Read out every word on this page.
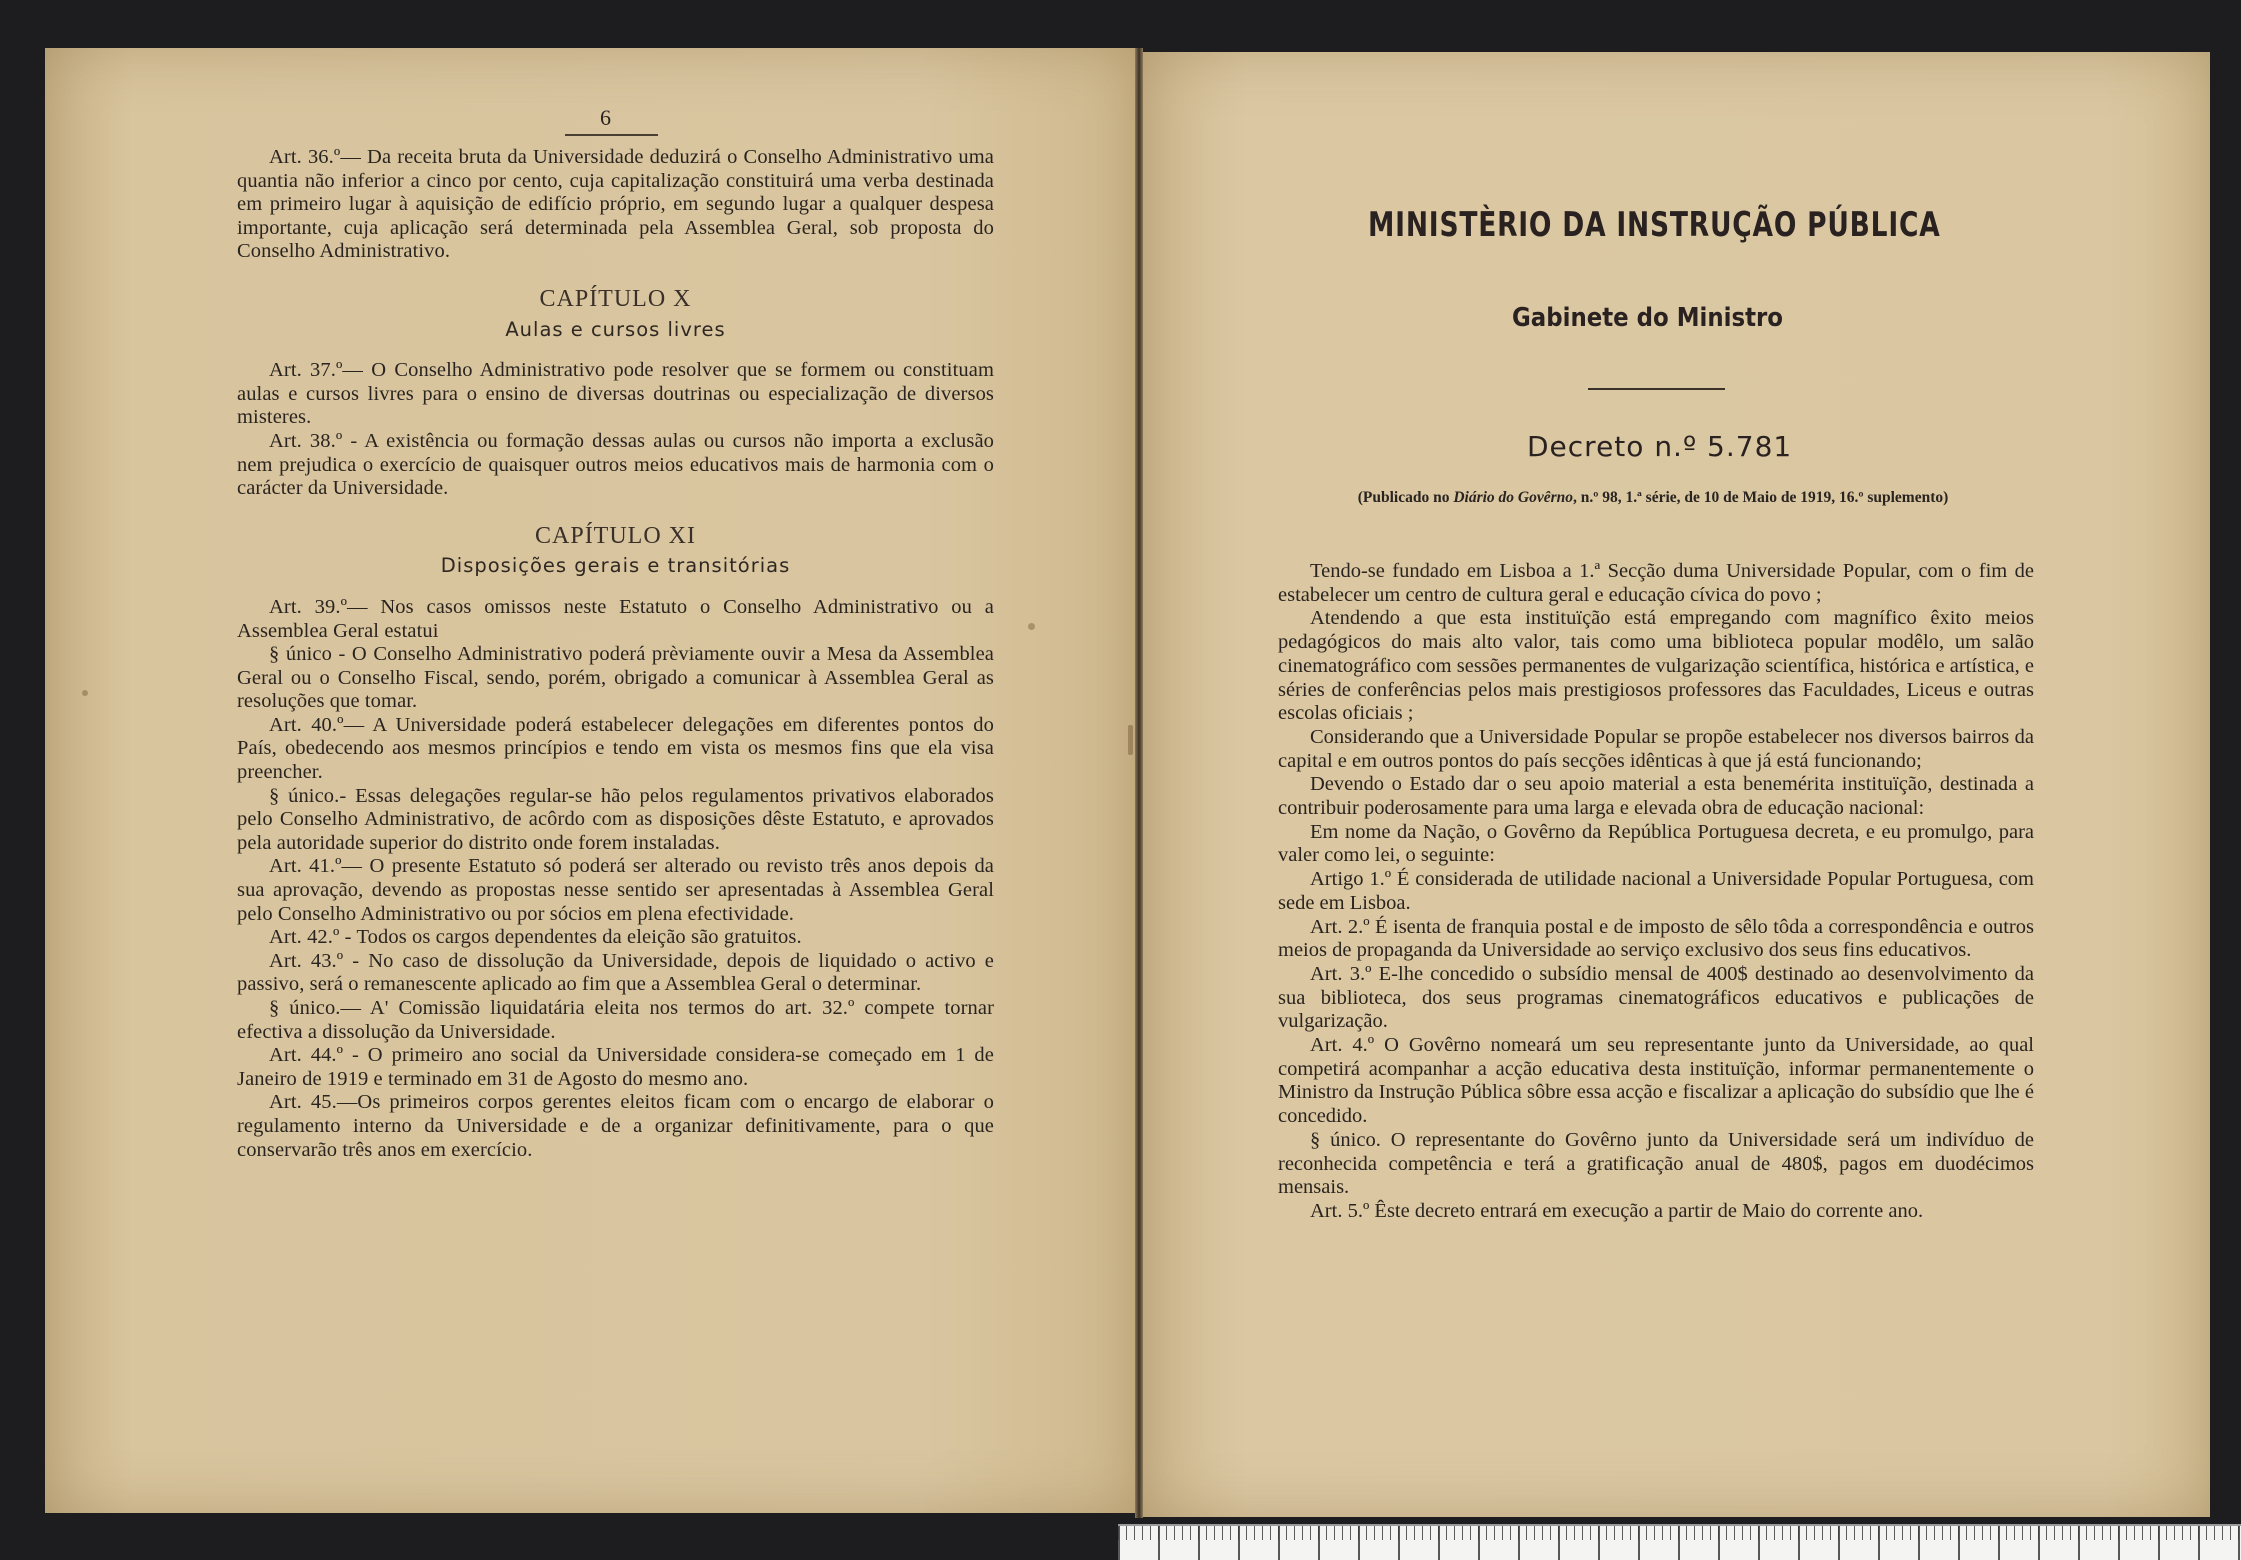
6

Art. 36.º— Da receita bruta da Universidade deduzirá o Conselho Administrativo uma quantia não inferior a cinco por cento, cuja capitalização constituirá uma verba destinada em primeiro lugar à aquisição de edifício próprio, em segundo lugar a qualquer despesa importante, cuja aplicação será determinada pela Assemblea Geral, sob proposta do Conselho Administrativo.

CAPÍTULO X

Aulas e cursos livres

Art. 37.º— O Conselho Administrativo pode resolver que se formem ou constituam aulas e cursos livres para o ensino de diversas doutrinas ou especialização de diversos misteres.

Art. 38.º - A existência ou formação dessas aulas ou cursos não importa a exclusão nem prejudica o exercício de quaisquer outros meios educativos mais de harmonia com o carácter da Universidade.

CAPÍTULO XI

Disposições gerais e transitórias

Art. 39.º— Nos casos omissos neste Estatuto o Conselho Administrativo ou a Assemblea Geral estatui

§ único - O Conselho Administrativo poderá prèviamente ouvir a Mesa da Assemblea Geral ou o Conselho Fiscal, sendo, porém, obrigado a comunicar à Assemblea Geral as resoluções que tomar.

Art. 40.º— A Universidade poderá estabelecer delegações em diferentes pontos do País, obedecendo aos mesmos princípios e tendo em vista os mesmos fins que ela visa preencher.

§ único.- Essas delegações regular-se hão pelos regulamentos privativos elaborados pelo Conselho Administrativo, de acôrdo com as disposições dêste Estatuto, e aprovados pela autoridade superior do distrito onde forem instaladas.

Art. 41.º— O presente Estatuto só poderá ser alterado ou revisto três anos depois da sua aprovação, devendo as propostas nesse sentido ser apresentadas à Assemblea Geral pelo Conselho Administrativo ou por sócios em plena efectividade.

Art. 42.º - Todos os cargos dependentes da eleição são gratuitos.

Art. 43.º - No caso de dissolução da Universidade, depois de liquidado o activo e passivo, será o remanescente aplicado ao fim que a Assemblea Geral o determinar.

§ único.— A' Comissão liquidatária eleita nos termos do art. 32.º compete tornar efectiva a dissolução da Universidade.

Art. 44.º - O primeiro ano social da Universidade considera-se começado em 1 de Janeiro de 1919 e terminado em 31 de Agosto do mesmo ano.

Art. 45.—Os primeiros corpos gerentes eleitos ficam com o encargo de elaborar o regulamento interno da Universidade e de a organizar definitivamente, para o que conservarão três anos em exercício.

MINISTÈRIO DA INSTRUÇÃO PÚBLICA
Gabinete do Ministro
Decreto n.º 5.781
(Publicado no Diário do Govêrno, n.º 98, 1.ª série, de 10 de Maio de 1919, 16.º suplemento)

Tendo-se fundado em Lisboa a 1.ª Secção duma Universidade Popular, com o fim de estabelecer um centro de cultura geral e educação cívica do povo ;

Atendendo a que esta instituïção está empregando com magnífico êxito meios pedagógicos do mais alto valor, tais como uma biblioteca popular modêlo, um salão cinematográfico com sessões permanentes de vulgarização scientífica, histórica e artística, e séries de conferências pelos mais prestigiosos professores das Faculdades, Liceus e outras escolas oficiais ;

Considerando que a Universidade Popular se propõe estabelecer nos diversos bairros da capital e em outros pontos do país secções idênticas à que já está funcionando;

Devendo o Estado dar o seu apoio material a esta benemérita instituïção, destinada a contribuir poderosamente para uma larga e elevada obra de educação nacional:

Em nome da Nação, o Govêrno da República Portuguesa decreta, e eu promulgo, para valer como lei, o seguinte:

Artigo 1.º É considerada de utilidade nacional a Universidade Popular Portuguesa, com sede em Lisboa.

Art. 2.º É isenta de franquia postal e de imposto de sêlo tôda a correspondência e outros meios de propaganda da Universidade ao serviço exclusivo dos seus fins educativos.

Art. 3.º E-lhe concedido o subsídio mensal de 400$ destinado ao desenvolvimento da sua biblioteca, dos seus programas cinematográficos educativos e publicações de vulgarização.

Art. 4.º O Govêrno nomeará um seu representante junto da Universidade, ao qual competirá acompanhar a acção educativa desta instituïção, informar permanentemente o Ministro da Instrução Pública sôbre essa acção e fiscalizar a aplicação do subsídio que lhe é concedido.

§ único. O representante do Govêrno junto da Universidade será um indivíduo de reconhecida competência e terá a gratificação anual de 480$, pagos em duodécimos mensais.

Art. 5.º Êste decreto entrará em execução a partir de Maio do corrente ano.
